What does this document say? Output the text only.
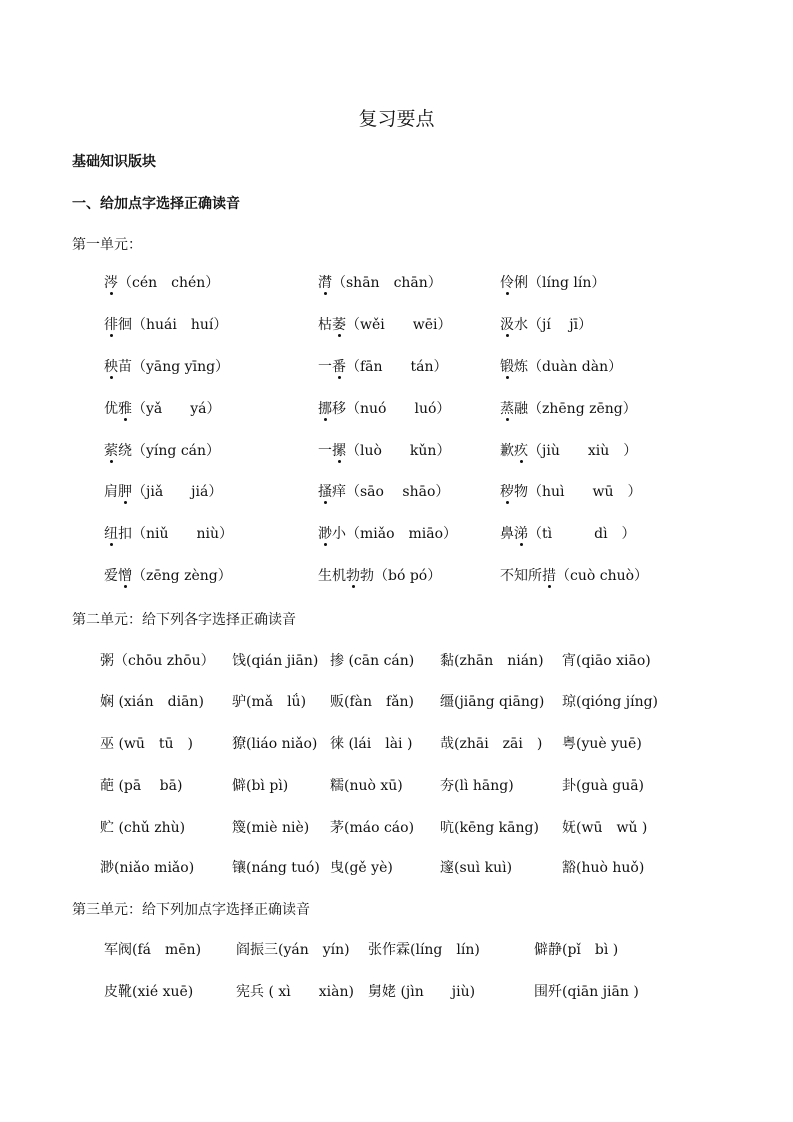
复习要点
基础知识版块
一、给加点字选择正确读音
第一单元：
涔（cén　chén）	潸（shān　chān）	伶俐（líng lín）
徘徊（huái　huí）	枯萎（wěi　　wēi）	汲水（jí　 jī）
秧苗（yāng yīng）	一番（fān　　tán）	锻炼（duàn dàn）
优雅（yǎ　　yá）	挪移（nuó　　luó）	蒸融（zhēng zēng）
萦绕（yíng cán）	一摞（luò　　kǔn）	歉疚（jiù　　xiù　）
肩胛（jiǎ　　jiá）	搔痒（sāo　 shāo）	秽物（huì　　wū　）
纽扣（niǔ　　niù）	渺小（miǎo　miāo）	鼻涕（tì　　　dì　）
爱憎（zēng zèng）	生机勃勃（bó pó）	不知所措（cuò chuò）
第二单元：给下列各字选择正确读音
粥（chōu zhōu） 饯(qián jiān) 掺 (cān cán) 黏(zhān　nián) 宵(qiāo xiāo)
娴 (xián　diān) 驴(mǎ　lǘ) 贩(fàn　fǎn) 缰(jiāng qiāng) 琼(qióng jíng)
巫 (wū　tū　)	獠(liáo niǎo) 徕 (lái　lài ) 哉(zhāi　zāi　) 粤(yuè yuē)
葩 (pā　 bā)	僻(bì pì)	糯(nuò xū)	夯(lì hāng)	卦(guà guā)
贮 (chǔ zhù)	篾(miè niè) 茅(máo cáo) 吭(kēng kāng) 妩(wū　wǔ )
渺(niǎo miǎo)	镶(náng tuó) 曳(gě yè)	邃(suì kuì)	豁(huò huǒ)
第三单元：给下列加点字选择正确读音
军阀(fá　mēn) 阎振三(yán　yín) 张作霖(líng　lín)	僻静(pǐ　bì )
皮靴(xié xuē)	宪兵 ( xì　　xiàn) 舅姥 (jìn　　jiù)	围歼(qiān jiān )
